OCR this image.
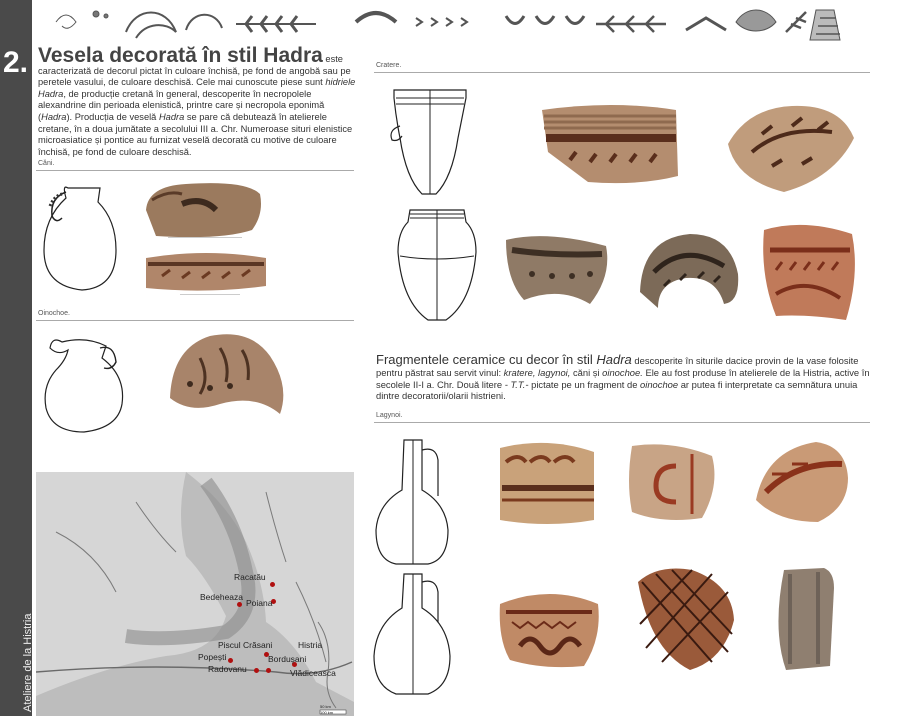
2.
Ateliere de la Histria
Vesela decorată în stil Hadra este caracterizată de decorul pictat în culoare închisă, pe fond de angobă sau pe peretele vasului, de culoare deschisă. Cele mai cunoscute piese sunt hidriele Hadra, de producție cretană în general, descoperite în necropolele alexandrine din perioada elenistică, printre care și necropola eponimă (Hadra). Producția de veselă Hadra se pare că debutează în atelierele cretane, în a doua jumătate a secolului III a. Chr. Numeroase situri elenistice microasiatice și pontice au furnizat veselă decorată cu motive de culoare închisă, pe fond de culoare deschisă.
Căni.
Oinochoe.
Cratere.
Lagynoi.
Fragmentele ceramice cu decor în stil Hadra descoperite în siturile dacice provin de la vase folosite pentru păstrat sau servit vinul: kratere, lagynoi, căni și oinochoe. Ele au fost produse în atelierele de la Histria, active în secolele II-I a. Chr. Două litere - T.T.- pictate pe un fragment de oinochoe ar putea fi interpretate ca semnătura unuia dintre decoratorii/olarii histrieni.
Racatău
Bedeheaza
Poiana
Piscul Crăsani	Histria
Popești	Borduşani
Radovanu	Vlădiceasca
50 km
100 km
